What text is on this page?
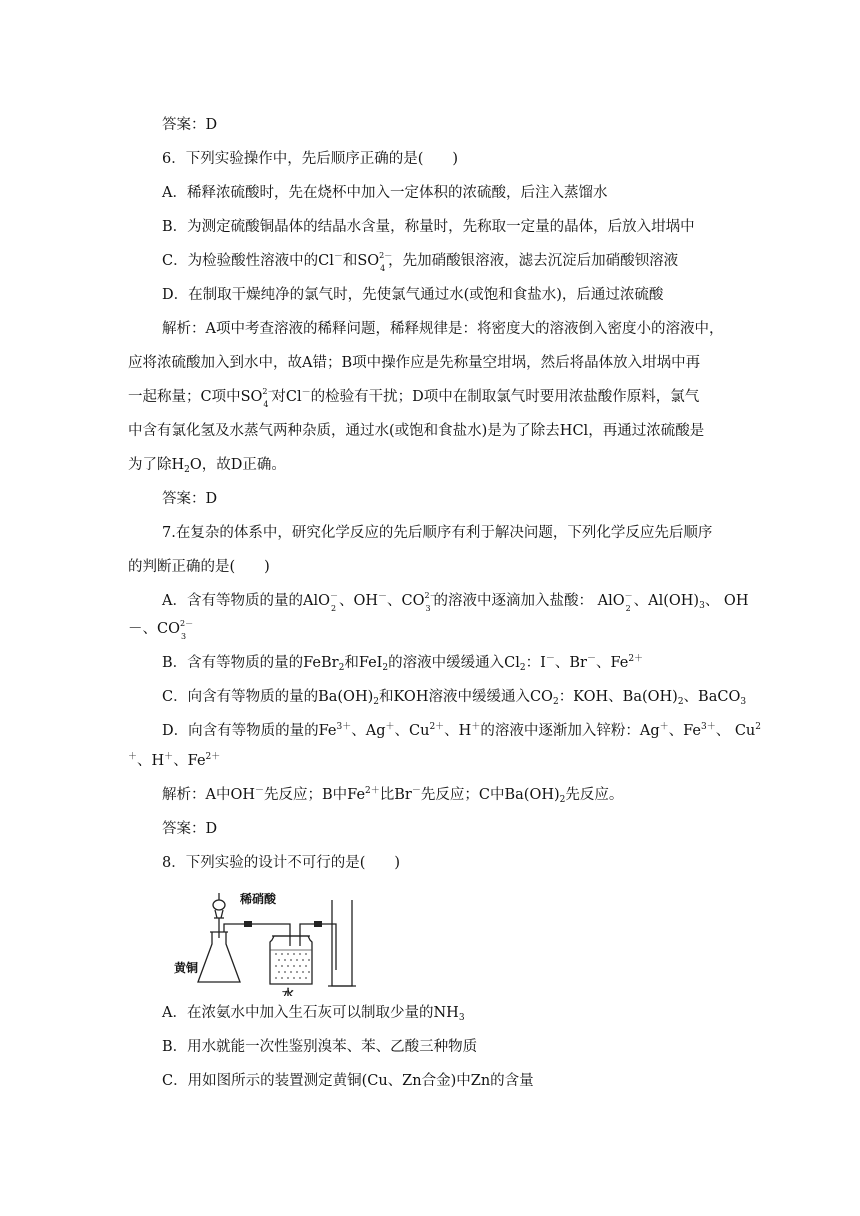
答案：D
6．下列实验操作中，先后顺序正确的是(　　)
A．稀释浓硫酸时，先在烧杯中加入一定体积的浓硫酸，后注入蒸馏水
B．为测定硫酸铜晶体的结晶水含量，称量时，先称取一定量的晶体，后放入坩埚中
C．为检验酸性溶液中的Cl－和SO 2－
4 ，先加硝酸银溶液，滤去沉淀后加硝酸钡溶液
D．在制取干燥纯净的氯气时，先使氯气通过水(或饱和食盐水)，后通过浓硫酸
解析：A项中考查溶液的稀释问题，稀释规律是：将密度大的溶液倒入密度小的溶液中，
应将浓硫酸加入到水中，故A错；B项中操作应是先称量空坩埚，然后将晶体放入坩埚中再
一起称量；C项中SO 2－
4 对Cl－的检验有干扰；D项中在制取氯气时要用浓盐酸作原料，氯气
中含有氯化氢及水蒸气两种杂质，通过水(或饱和食盐水)是为了除去HCl，再通过浓硫酸是
为了除$H_2O$，故D正确。
答案：D
7.在复杂的体系中，研究化学反应的先后顺序有利于解决问题，下列化学反应先后顺序
的判断正确的是(　　)
A．含有等物质的量的AlO －
2 、OH－、CO 2－
3 的溶液中逐滴加入盐酸： AlO －
2 、$Al(OH)_3$、 OH
－、CO 2－
3
B．含有等物质的量的FeBr$_2$和FeI$_2$的溶液中缓缓通入$Cl_2$：I－、Br－、$Fe^{2+}$
C．向含有等物质的量的$Ba(OH)_2$和KOH溶液中缓缓通入$CO_2$：KOH、$Ba(OH)_2$、BaCO$_3$
D．向含有等物质的量的$Fe^{3+}$、Ag＋、$Cu^{2+}$、H＋的溶液中逐渐加入锌粉：Ag＋、$Fe^{3+}$、 Cu$^2$
＋、H＋、$Fe^{2+}$
解析：A中OH－先反应；B中$Fe^{2+}$比Br－先反应；C中$Ba(OH)_2$先反应。
答案：D
8．下列实验的设计不可行的是(　　)
稀硝酸
黄铜
水
A．在浓氨水中加入生石灰可以制取少量的$NH_3$
B．用水就能一次性鉴别溴苯、苯、乙酸三种物质
C．用如图所示的装置测定黄铜(Cu、Zn合金)中Zn的含量
